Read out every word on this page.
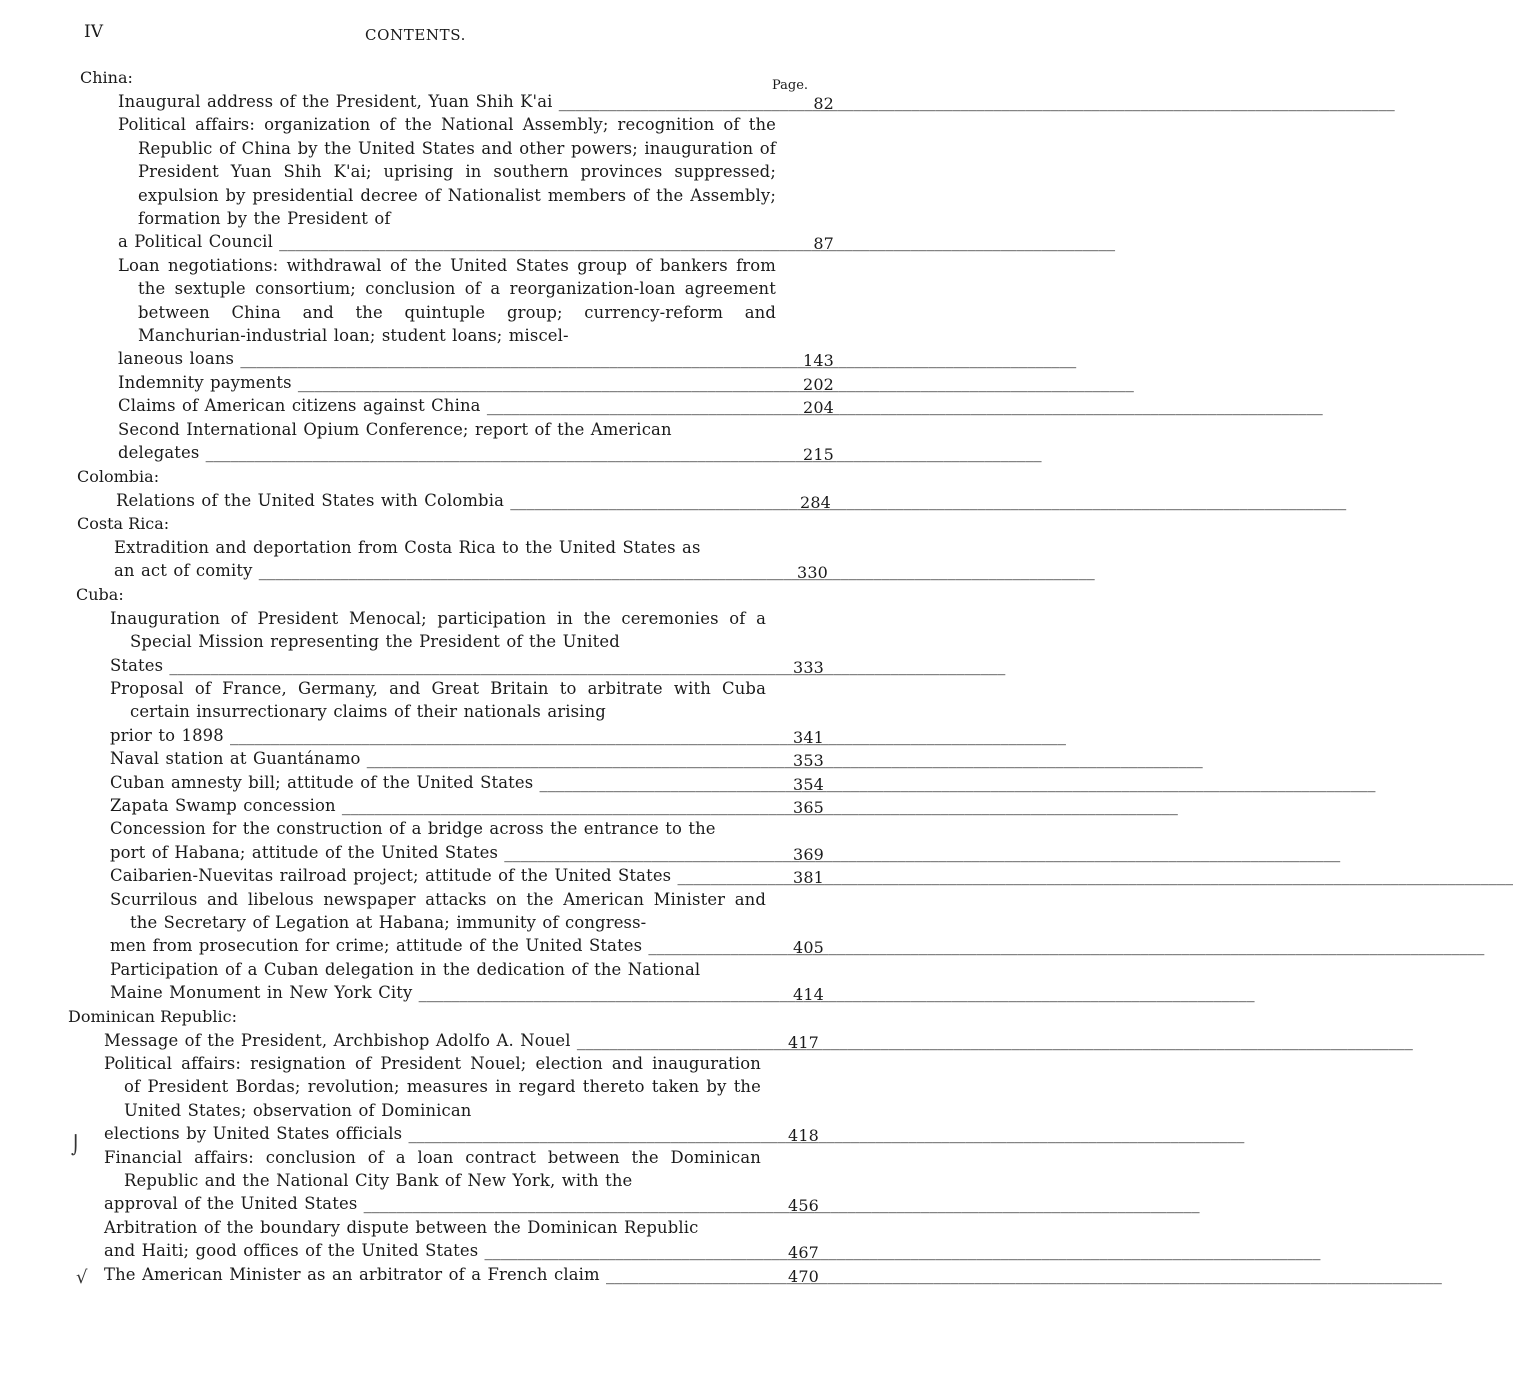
IV	CONTENTS.
Page.
⌡
√
China:
Inaugural address of the President, Yuan Shih K'ai _____	82
Political affairs: organization of the National Assembly; recognition of the Republic of China by the United States and other powers; inauguration of President Yuan Shih K'ai; uprising in southern provinces suppressed; expulsion by presidential decree of Nationalist members of the Assembly; formation by the President of
a Political Council _____	87
Loan negotiations: withdrawal of the United States group of bankers from the sextuple consortium; conclusion of a reorganization-loan agreement between China and the quintuple group; currency-reform and Manchurian-industrial loan; student loans; miscel-
laneous loans _____	143
Indemnity payments _____	202
Claims of American citizens against China _____	204
Second International Opium Conference; report of the American
delegates _____	215
Colombia:
Relations of the United States with Colombia _____	284
Costa Rica:
Extradition and deportation from Costa Rica to the United States as
an act of comity _____	330
Cuba:
Inauguration of President Menocal; participation in the ceremonies of a Special Mission representing the President of the United
States _____	333
Proposal of France, Germany, and Great Britain to arbitrate with Cuba certain insurrectionary claims of their nationals arising
prior to 1898 _____	341
Naval station at Guantánamo _____	353
Cuban amnesty bill; attitude of the United States _____	354
Zapata Swamp concession _____	365
Concession for the construction of a bridge across the entrance to the
port of Habana; attitude of the United States _____	369
Caibarien-Nuevitas railroad project; attitude of the United States _____	381
Scurrilous and libelous newspaper attacks on the American Minister and the Secretary of Legation at Habana; immunity of congress-
men from prosecution for crime; attitude of the United States _____	405
Participation of a Cuban delegation in the dedication of the National
Maine Monument in New York City _____	414
Dominican Republic:
Message of the President, Archbishop Adolfo A. Nouel _____	417
Political affairs: resignation of President Nouel; election and inauguration of President Bordas; revolution; measures in regard thereto taken by the United States; observation of Dominican
elections by United States officials _____	418
Financial affairs: conclusion of a loan contract between the Dominican Republic and the National City Bank of New York, with the
approval of the United States _____	456
Arbitration of the boundary dispute between the Dominican Republic
and Haiti; good offices of the United States _____	467
The American Minister as an arbitrator of a French claim _____	470
